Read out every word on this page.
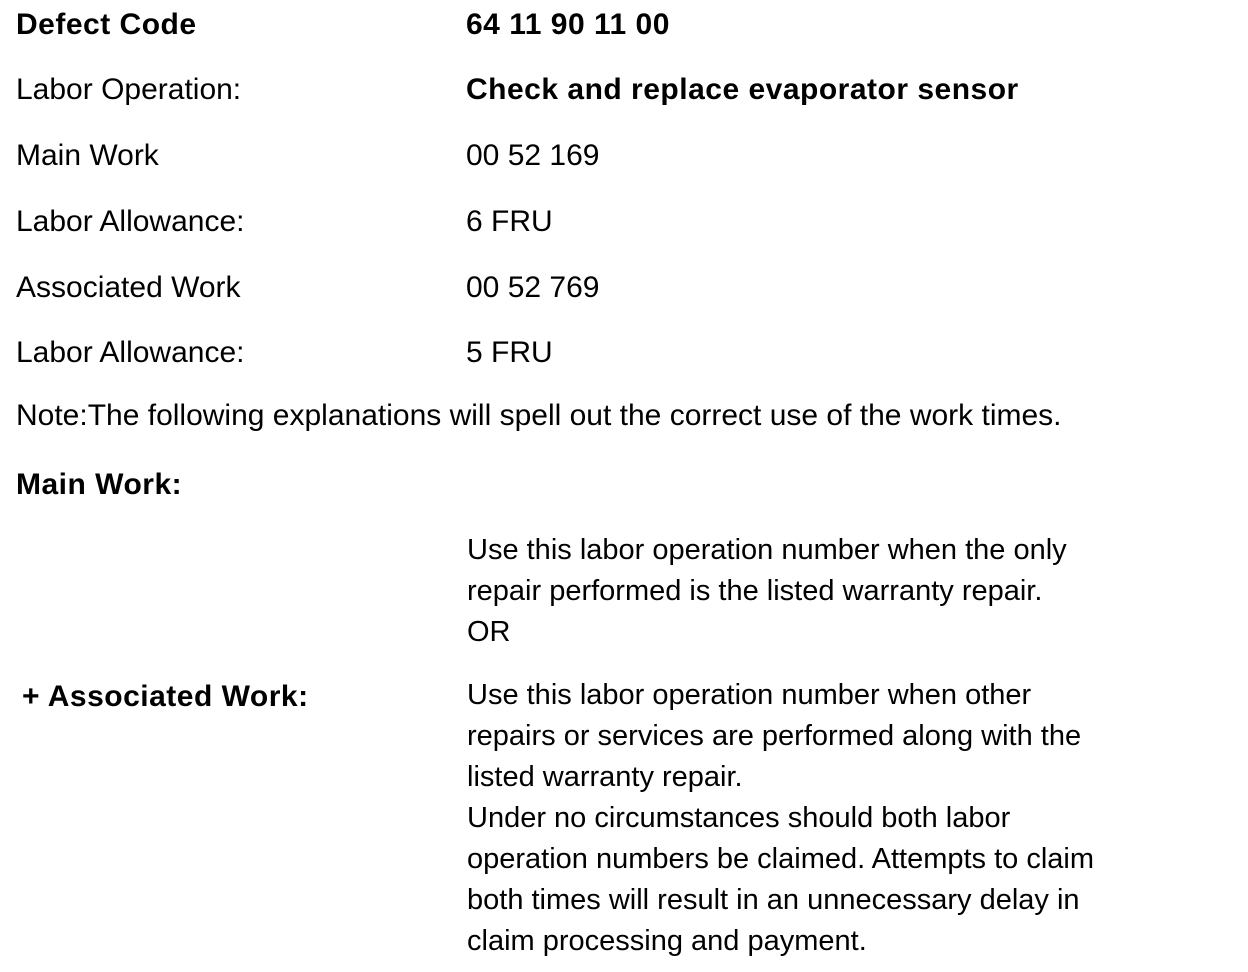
Defect Code	64 11 90 11 00
Labor Operation:	Check and replace evaporator sensor
Main Work	00 52 169
Labor Allowance:	6 FRU
Associated Work	00 52 769
Labor Allowance:	5 FRU
Note:The following explanations will spell out the correct use of the work times.
Main Work:
Use this labor operation number when the only
repair performed is the listed warranty repair.
OR
+ Associated Work:	Use this labor operation number when other
repairs or services are performed along with the
listed warranty repair.
Under no circumstances should both labor
operation numbers be claimed. Attempts to claim
both times will result in an unnecessary delay in
claim processing and payment.
